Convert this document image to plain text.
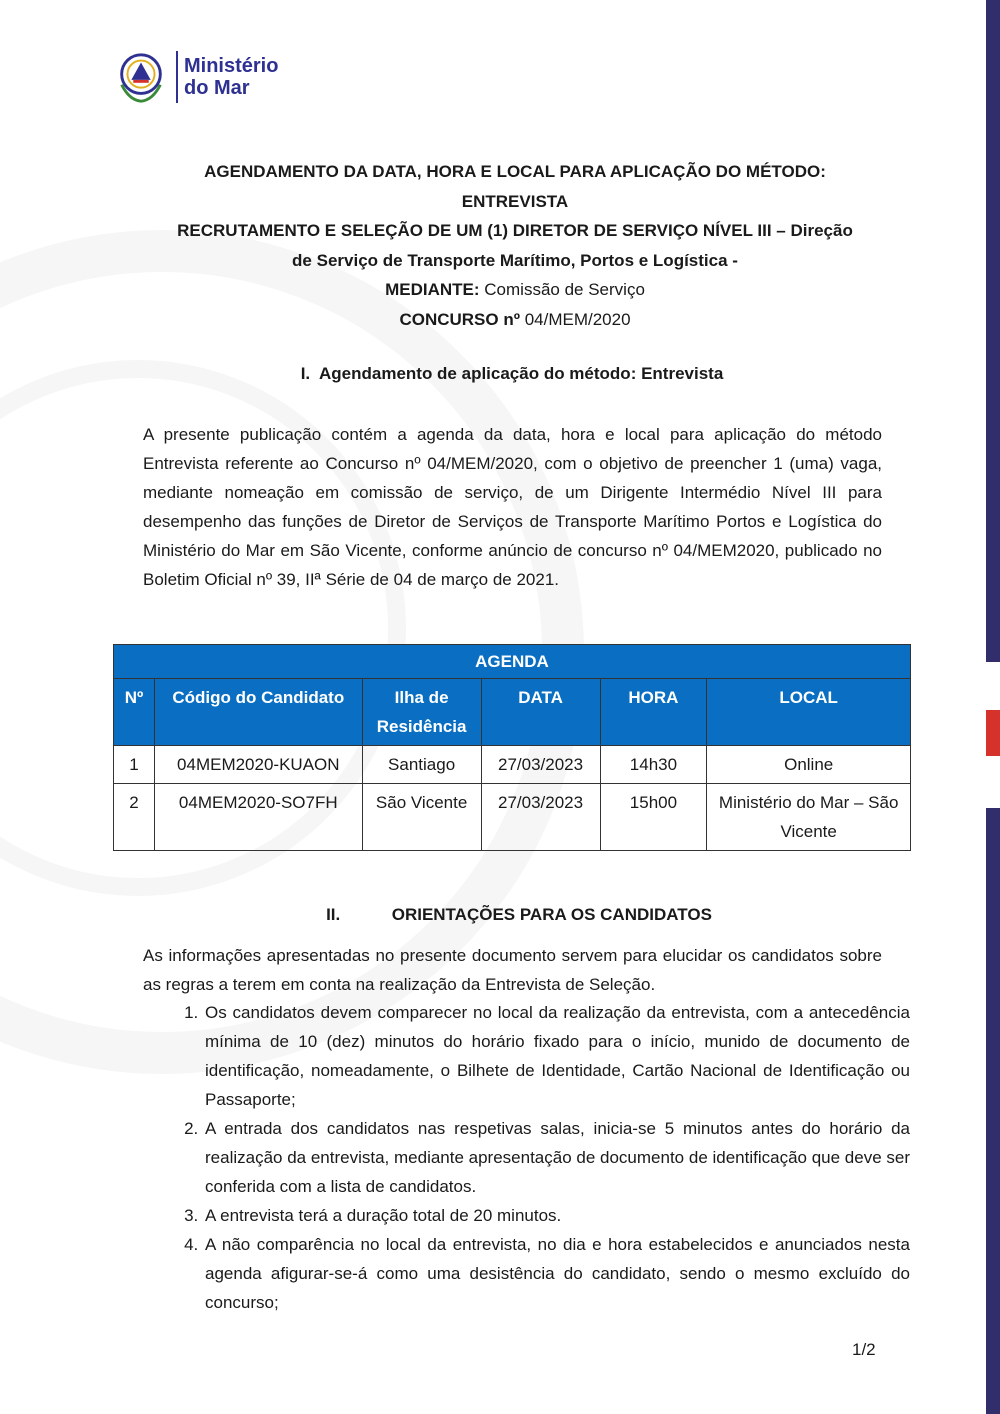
Ministério
do Mar
AGENDAMENTO DA DATA, HORA E LOCAL PARA APLICAÇÃO DO MÉTODO:
ENTREVISTA
RECRUTAMENTO E SELEÇÃO DE UM (1) DIRETOR DE SERVIÇO NÍVEL III – Direção
de Serviço de Transporte Marítimo, Portos e Logística -
MEDIANTE: Comissão de Serviço
CONCURSO nº 04/MEM/2020
I. Agendamento de aplicação do método: Entrevista
A presente publicação contém a agenda da data, hora e local para aplicação do método Entrevista referente ao Concurso nº 04/MEM/2020, com o objetivo de preencher 1 (uma) vaga, mediante nomeação em comissão de serviço, de um Dirigente Intermédio Nível III para desempenho das funções de Diretor de Serviços de Transporte Marítimo Portos e Logística do Ministério do Mar em São Vicente, conforme anúncio de concurso nº 04/MEM2020, publicado no Boletim Oficial nº 39, IIª Série de 04 de março de 2021.
AGENDA					
Nº	Código do Candidato	Ilha de Residência	DATA	HORA	LOCAL
1	04MEM2020-KUAON	Santiago	27/03/2023	14h30	Online
2	04MEM2020-SO7FH	São Vicente	27/03/2023	15h00	Ministério do Mar – São Vicente
II.	ORIENTAÇÕES PARA OS CANDIDATOS
As informações apresentadas no presente documento servem para elucidar os candidatos sobre as regras a terem em conta na realização da Entrevista de Seleção.
1. Os candidatos devem comparecer no local da realização da entrevista, com a antecedência mínima de 10 (dez) minutos do horário fixado para o início, munido de documento de identificação, nomeadamente, o Bilhete de Identidade, Cartão Nacional de Identificação ou Passaporte;
2. A entrada dos candidatos nas respetivas salas, inicia-se 5 minutos antes do horário da realização da entrevista, mediante apresentação de documento de identificação que deve ser conferida com a lista de candidatos.
3. A entrevista terá a duração total de 20 minutos.
4. A não comparência no local da entrevista, no dia e hora estabelecidos e anunciados nesta agenda afigurar-se-á como uma desistência do candidato, sendo o mesmo excluído do concurso;
1/2
